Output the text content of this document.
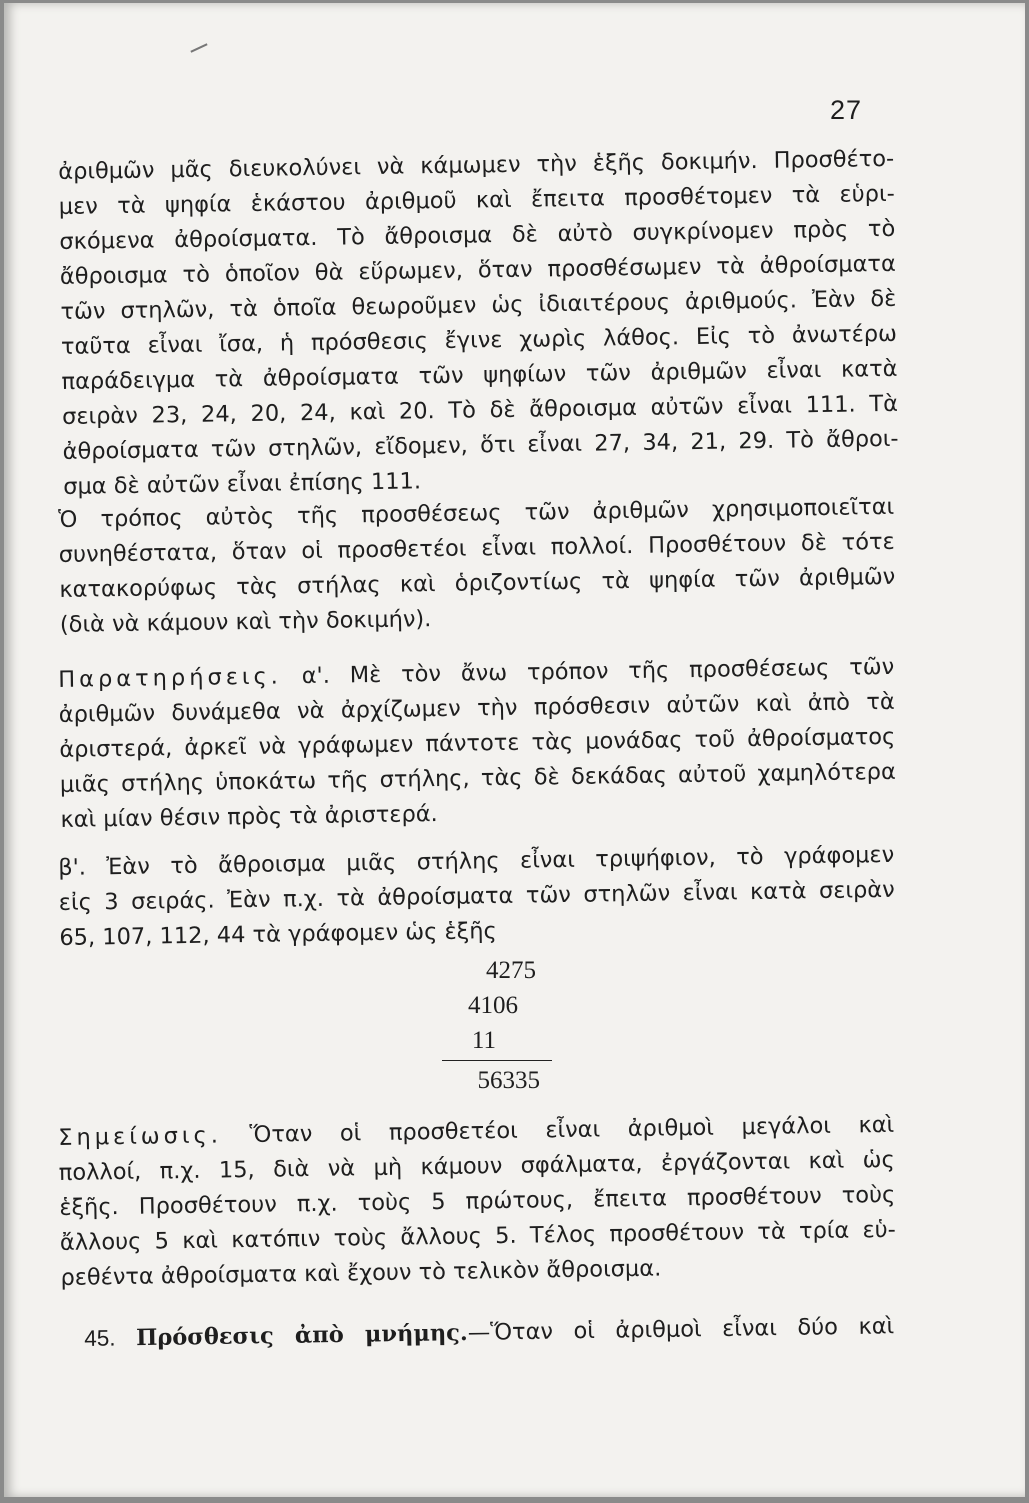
27
ἀριθμῶν μᾶς διευκολύνει νὰ κάμωμεν τὴν ἑξῆς δοκιμήν. Προσθέτο-
μεν τὰ ψηφία ἑκάστου ἀριθμοῦ καὶ ἔπειτα προσθέτομεν τὰ εὑρι-
σκόμενα ἀθροίσματα. Τὸ ἄθροισμα δὲ αὐτὸ συγκρίνομεν πρὸς τὸ
ἄθροισμα τὸ ὁποῖον θὰ εὕρωμεν, ὅταν προσθέσωμεν τὰ ἀθροίσματα
τῶν στηλῶν, τὰ ὁποῖα θεωροῦμεν ὡς ἰδιαιτέρους ἀριθμούς. Ἐὰν δὲ
ταῦτα εἶναι ἴσα, ἡ πρόσθεσις ἔγινε χωρὶς λάθος. Εἰς τὸ ἀνωτέρω
παράδειγμα τὰ ἀθροίσματα τῶν ψηφίων τῶν ἀριθμῶν εἶναι κατὰ
σειρὰν 23, 24, 20, 24, καὶ 20. Τὸ δὲ ἄθροισμα αὐτῶν εἶναι 111. Τὰ
ἀθροίσματα τῶν στηλῶν, εἴδομεν, ὅτι εἶναι 27, 34, 21, 29. Τὸ ἄθροι-
σμα δὲ αὐτῶν εἶναι ἐπίσης 111.
Ὁ τρόπος αὐτὸς τῆς προσθέσεως τῶν ἀριθμῶν χρησιμοποιεῖται
συνηθέστατα, ὅταν οἱ προσθετέοι εἶναι πολλοί. Προσθέτουν δὲ τότε
κατακορύφως τὰς στήλας καὶ ὁριζοντίως τὰ ψηφία τῶν ἀριθμῶν
(διὰ νὰ κάμουν καὶ τὴν δοκιμήν).
Παρατηρήσεις. α'. Μὲ τὸν ἄνω τρόπον τῆς προσθέσεως τῶν
ἀριθμῶν δυνάμεθα νὰ ἀρχίζωμεν τὴν πρόσθεσιν αὐτῶν καὶ ἀπὸ τὰ
ἀριστερά, ἀρκεῖ νὰ γράφωμεν πάντοτε τὰς μονάδας τοῦ ἀθροίσματος
μιᾶς στήλης ὑποκάτω τῆς στήλης, τὰς δὲ δεκάδας αὐτοῦ χαμηλότερα
καὶ μίαν θέσιν πρὸς τὰ ἀριστερά.
β'. Ἐὰν τὸ ἄθροισμα μιᾶς στήλης εἶναι τριψήφιον, τὸ γράφομεν
εἰς 3 σειράς. Ἐὰν π.χ. τὰ ἀθροίσματα τῶν στηλῶν εἶναι κατὰ σειρὰν
65, 107, 112, 44 τὰ γράφομεν ὡς ἑξῆς
4275
4106
11
56335
Σημείωσις. Ὅταν οἱ προσθετέοι εἶναι ἀριθμοὶ μεγάλοι καὶ
πολλοί, π.χ. 15, διὰ νὰ μὴ κάμουν σφάλματα, ἐργάζονται καὶ ὡς
ἑξῆς. Προσθέτουν π.χ. τοὺς 5 πρώτους, ἔπειτα προσθέτουν τοὺς
ἄλλους 5 καὶ κατόπιν τοὺς ἄλλους 5. Τέλος προσθέτουν τὰ τρία εὑ-
ρεθέντα ἀθροίσματα καὶ ἔχουν τὸ τελικὸν ἄθροισμα.
45. Πρόσθεσις ἀπὸ μνήμης.—Ὅταν οἱ ἀριθμοὶ εἶναι δύο καὶ
